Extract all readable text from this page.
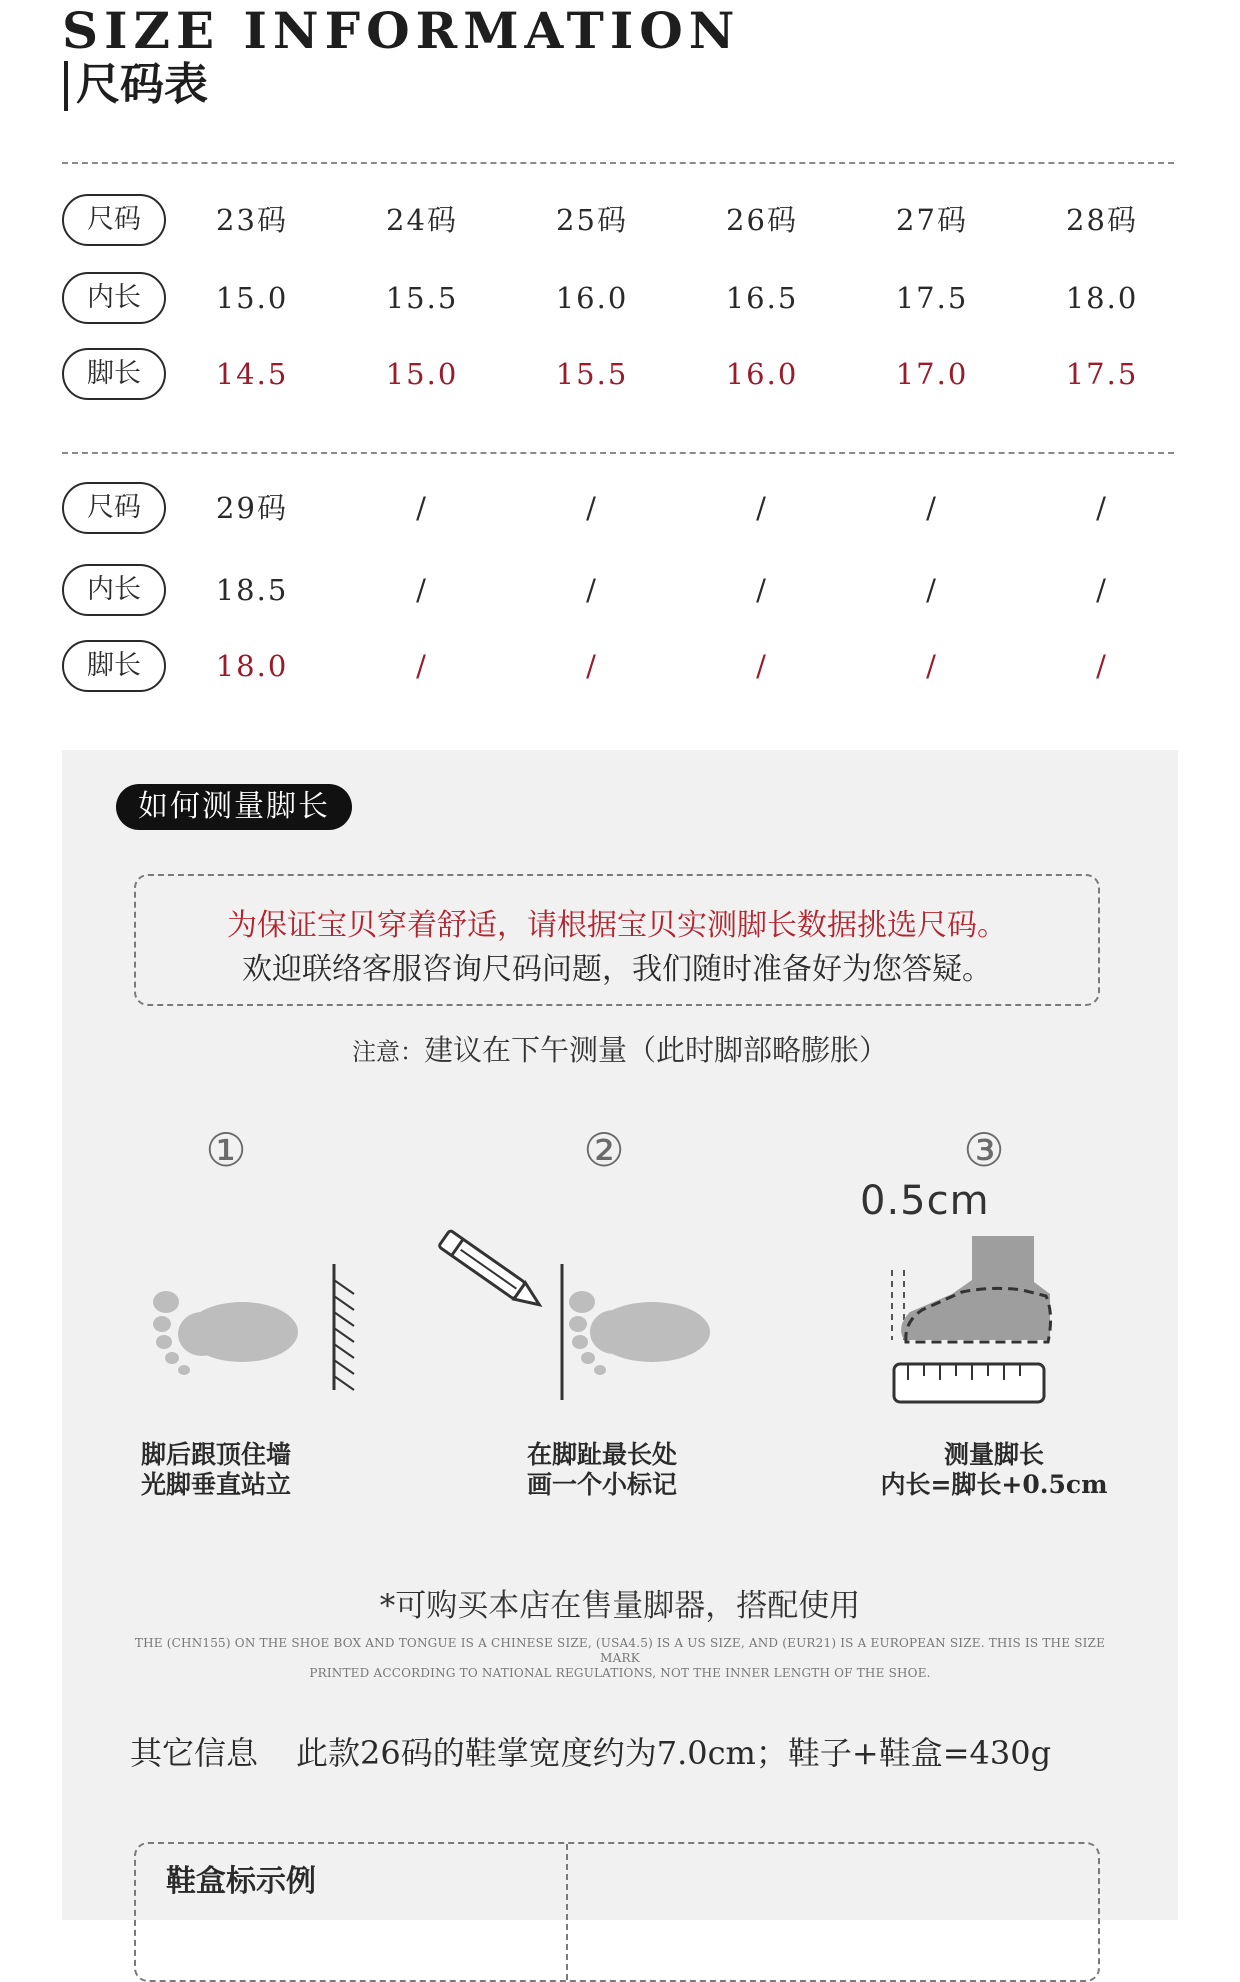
SIZE INFORMATION
尺码表
尺码	23码	24码	25码	26码	27码	28码
内长	15.0	15.5	16.0	16.5	17.5	18.0
脚长	14.5	15.0	15.5	16.0	17.0	17.5
尺码	29码	/	/	/	/	/
内长	18.5	/	/	/	/	/
脚长	18.0	/	/	/	/	/
如何测量脚长
为保证宝贝穿着舒适，请根据宝贝实测脚长数据挑选尺码。
欢迎联络客服咨询尺码问题，我们随时准备好为您答疑。
注意：建议在下午测量（此时脚部略膨胀）
①	②	③
0.5cm
脚后跟顶住墙
光脚垂直站立
在脚趾最长处
画一个小标记
测量脚长
内长=脚长+0.5cm
*可购买本店在售量脚器，搭配使用
THE (CHN155) ON THE SHOE BOX AND TONGUE IS A CHINESE SIZE, (USA4.5) IS A US SIZE, AND (EUR21) IS A EUROPEAN SIZE. THIS IS THE SIZE MARK
PRINTED ACCORDING TO NATIONAL REGULATIONS, NOT THE INNER LENGTH OF THE SHOE.
其它信息 此款26码的鞋掌宽度约为7.0cm；鞋子+鞋盒=430g
鞋盒标示例
